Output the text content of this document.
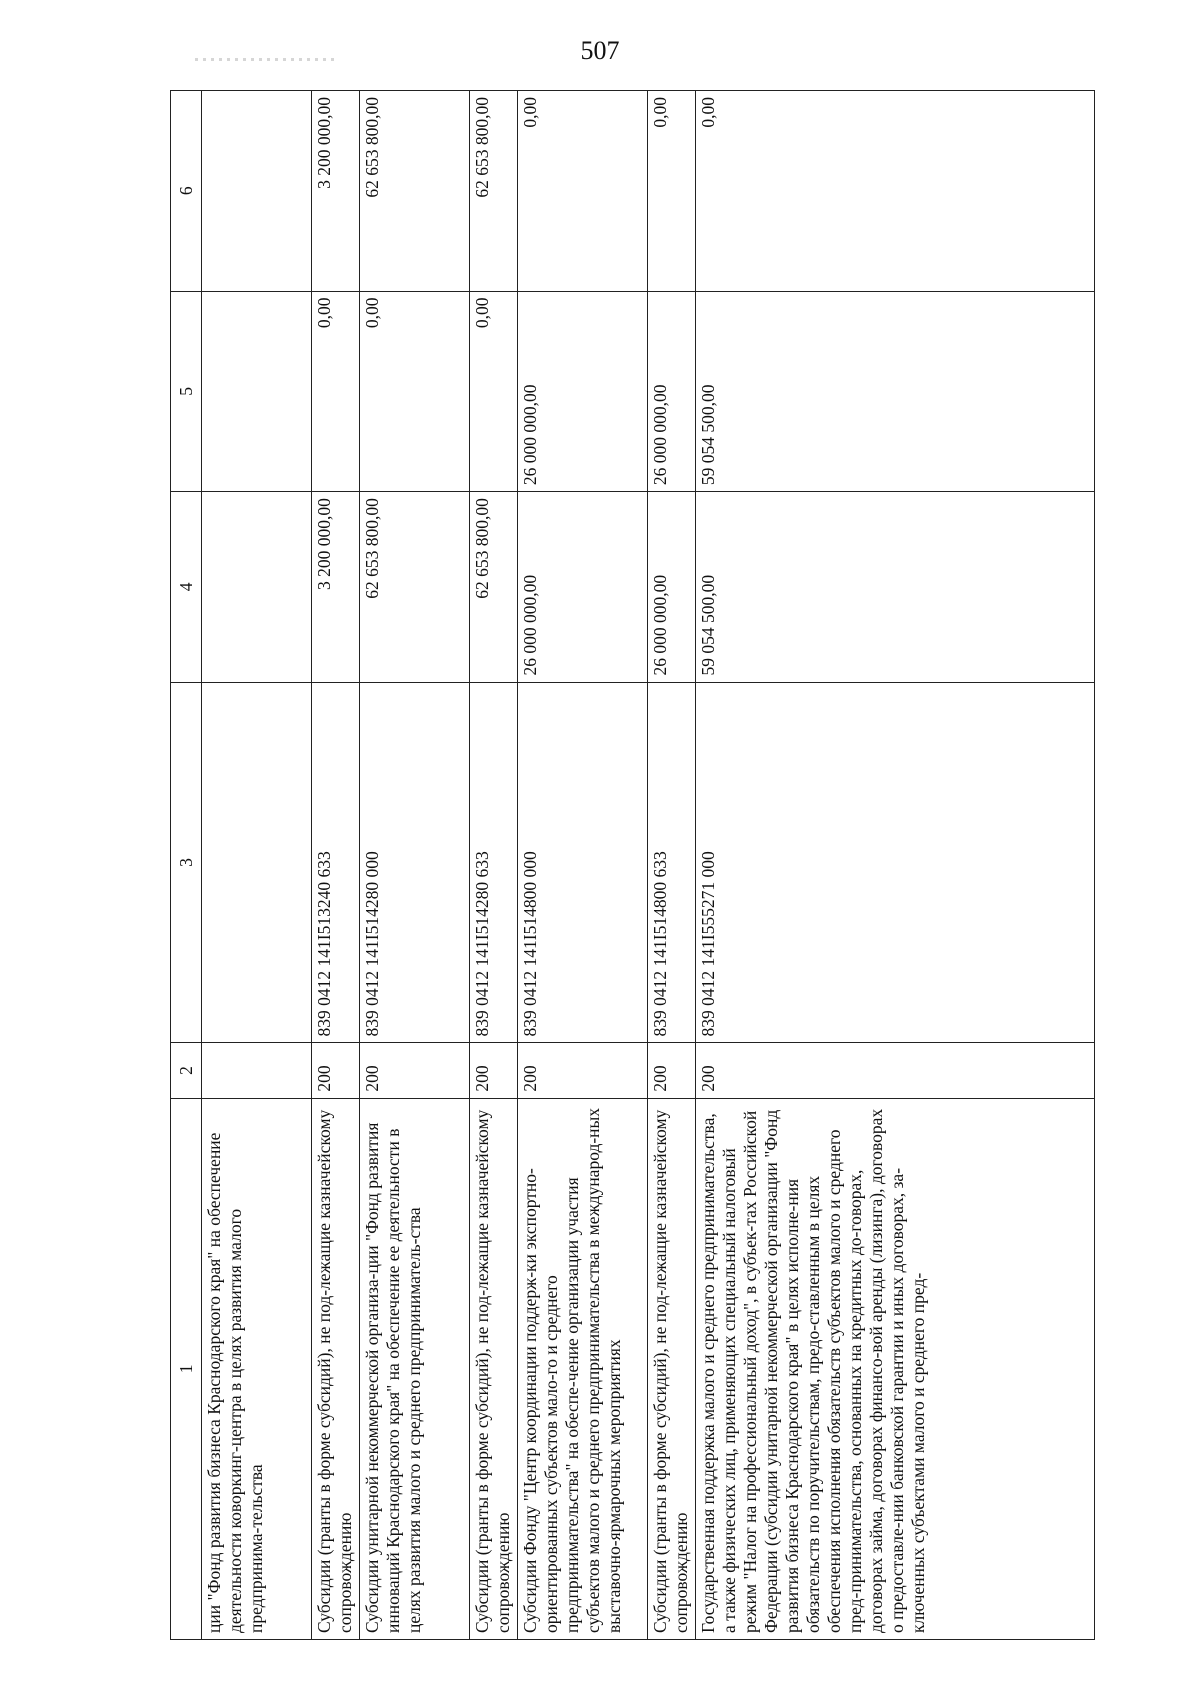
507
1	2	3	4	5	6
ции "Фонд развития бизнеса Краснодарского края" на обеспечение деятельности коворкинг-центра в целях развития малого предпринима-тельства					
Субсидии (гранты в форме субсидий), не под-лежащие казначейскому сопровождению	200	839 0412 141I513240 633	3 200 000,00	0,00	3 200 000,00
Субсидии унитарной некоммерческой организа-ции "Фонд развития инноваций Краснодарского края" на обеспечение ее деятельности в целях развития малого и среднего предприниматель-ства	200	839 0412 141I514280 000	62 653 800,00	0,00	62 653 800,00
Субсидии (гранты в форме субсидий), не под-лежащие казначейскому сопровождению	200	839 0412 141I514280 633	62 653 800,00	0,00	62 653 800,00
Субсидии Фонду "Центр координации поддерж-ки экспортно-ориентированных субъектов мало-го и среднего предпринимательства" на обеспе-чение организации участия субъектов малого и среднего предпринимательства в международ-ных выставочно-ярмарочных мероприятиях	200	839 0412 141I514800 000	26 000 000,00	26 000 000,00	0,00
Субсидии (гранты в форме субсидий), не под-лежащие казначейскому сопровождению	200	839 0412 141I514800 633	26 000 000,00	26 000 000,00	0,00
Государственная поддержка малого и среднего предпринимательства, а также физических лиц, применяющих специальный налоговый режим "Налог на профессиональный доход", в субъек-тах Российской Федерации (субсидии унитарной некоммерческой организации "Фонд развития бизнеса Краснодарского края" в целях исполне-ния обязательств по поручительствам, предо-ставленным в целях обеспечения исполнения обязательств субъектов малого и среднего пред-принимательства, основанных на кредитных до-говорах, договорах займа, договорах финансо-вой аренды (лизинга), договорах о предоставле-нии банковской гарантии и иных договорах, за-ключенных субъектами малого и среднего пред-	200	839 0412 141I555271 000	59 054 500,00	59 054 500,00	0,00
